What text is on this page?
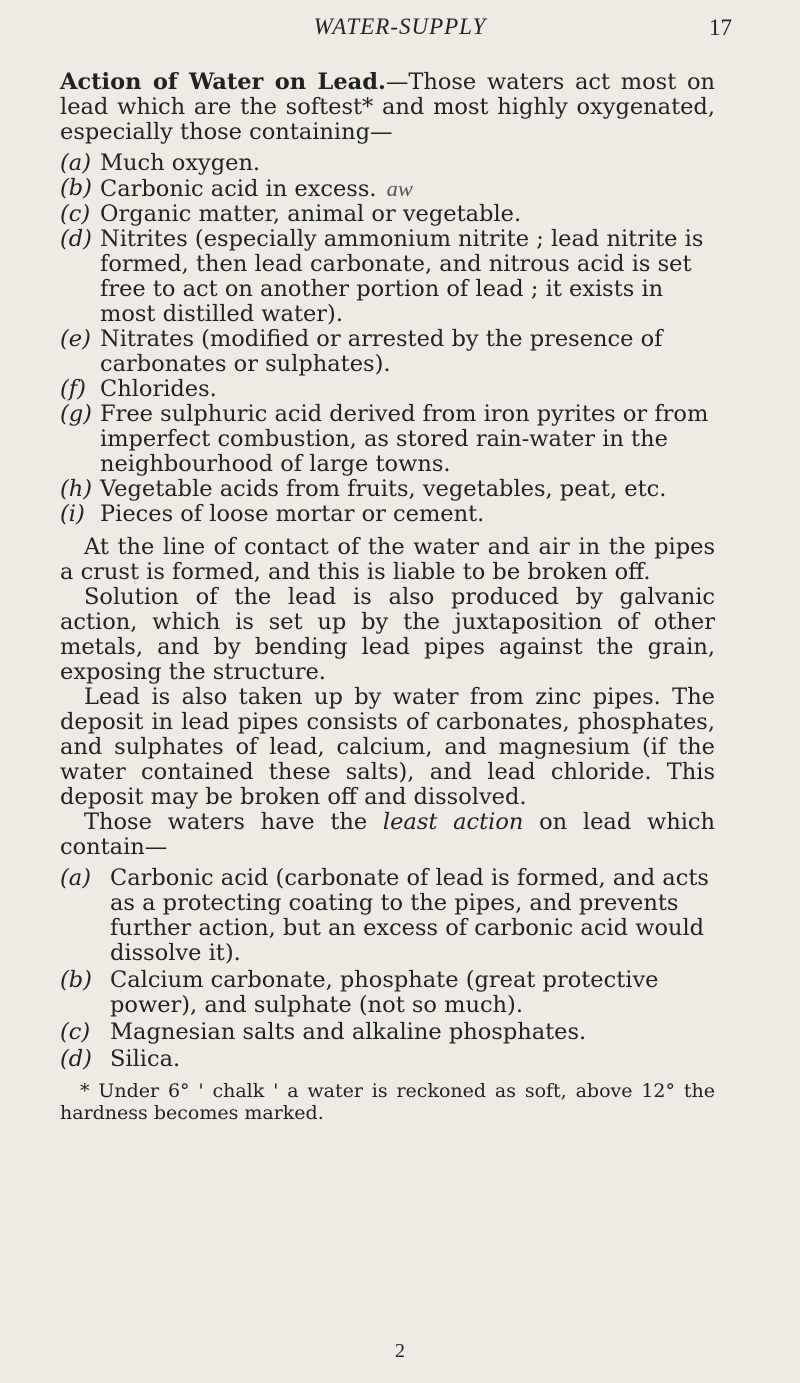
WATER-SUPPLY	17

Action of Water on Lead.—Those waters act most on lead which are the softest* and most highly oxygenated, especially those containing—

(a) Much oxygen.
(b) Carbonic acid in excess. aw
(c) Organic matter, animal or vegetable.
(d) Nitrites (especially ammonium nitrite ; lead nitrite is formed, then lead carbonate, and nitrous acid is set free to act on another portion of lead ; it exists in most distilled water).
(e) Nitrates (modified or arrested by the presence of carbonates or sulphates).
(f) Chlorides.
(g) Free sulphuric acid derived from iron pyrites or from imperfect combustion, as stored rain-water in the neighbourhood of large towns.
(h) Vegetable acids from fruits, vegetables, peat, etc.
(i) Pieces of loose mortar or cement.

At the line of contact of the water and air in the pipes a crust is formed, and this is liable to be broken off.

Solution of the lead is also produced by galvanic action, which is set up by the juxtaposition of other metals, and by bending lead pipes against the grain, exposing the structure.

Lead is also taken up by water from zinc pipes. The deposit in lead pipes consists of carbonates, phosphates, and sulphates of lead, calcium, and magnesium (if the water contained these salts), and lead chloride. This deposit may be broken off and dissolved.

Those waters have the least action on lead which contain—

(a) Carbonic acid (carbonate of lead is formed, and acts as a protecting coating to the pipes, and prevents further action, but an excess of carbonic acid would dissolve it).
(b) Calcium carbonate, phosphate (great protective power), and sulphate (not so much).
(c) Magnesian salts and alkaline phosphates.
(d) Silica.

* Under 6° ' chalk ' a water is reckoned as soft, above 12° the hardness becomes marked.

2
